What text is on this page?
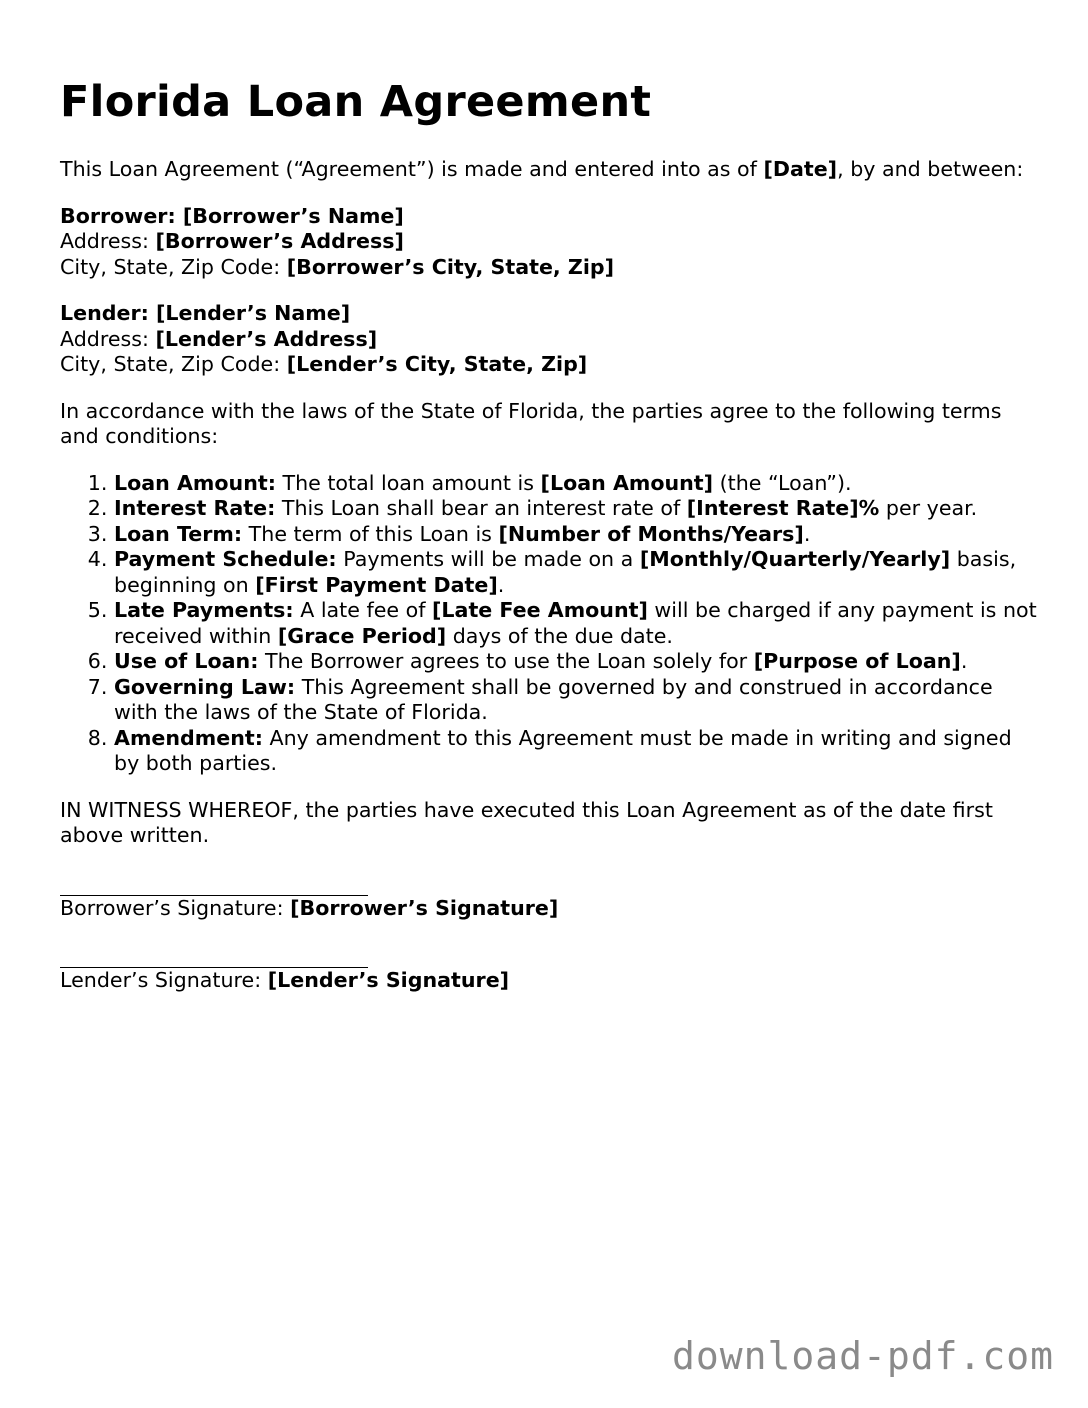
Florida Loan Agreement

This Loan Agreement (“Agreement”) is made and entered into as of [Date], by and between:

Borrower: [Borrower’s Name]

Address: [Borrower’s Address]

City, State, Zip Code: [Borrower’s City, State, Zip]

Lender: [Lender’s Name]

Address: [Lender’s Address]

City, State, Zip Code: [Lender’s City, State, Zip]

In accordance with the laws of the State of Florida, the parties agree to the following terms and conditions:

1. Loan Amount: The total loan amount is [Loan Amount] (the “Loan”).
2. Interest Rate: This Loan shall bear an interest rate of [Interest Rate]% per year.
3. Loan Term: The term of this Loan is [Number of Months/Years].
4. Payment Schedule: Payments will be made on a [Monthly/Quarterly/Yearly] basis, beginning on [First Payment Date].
5. Late Payments: A late fee of [Late Fee Amount] will be charged if any payment is not received within [Grace Period] days of the due date.
6. Use of Loan: The Borrower agrees to use the Loan solely for [Purpose of Loan].
7. Governing Law: This Agreement shall be governed by and construed in accordance with the laws of the State of Florida.
8. Amendment: Any amendment to this Agreement must be made in writing and signed by both parties.

IN WITNESS WHEREOF, the parties have executed this Loan Agreement as of the date first above written.

Borrower’s Signature: [Borrower’s Signature]

Lender’s Signature: [Lender’s Signature]

download-pdf.com
